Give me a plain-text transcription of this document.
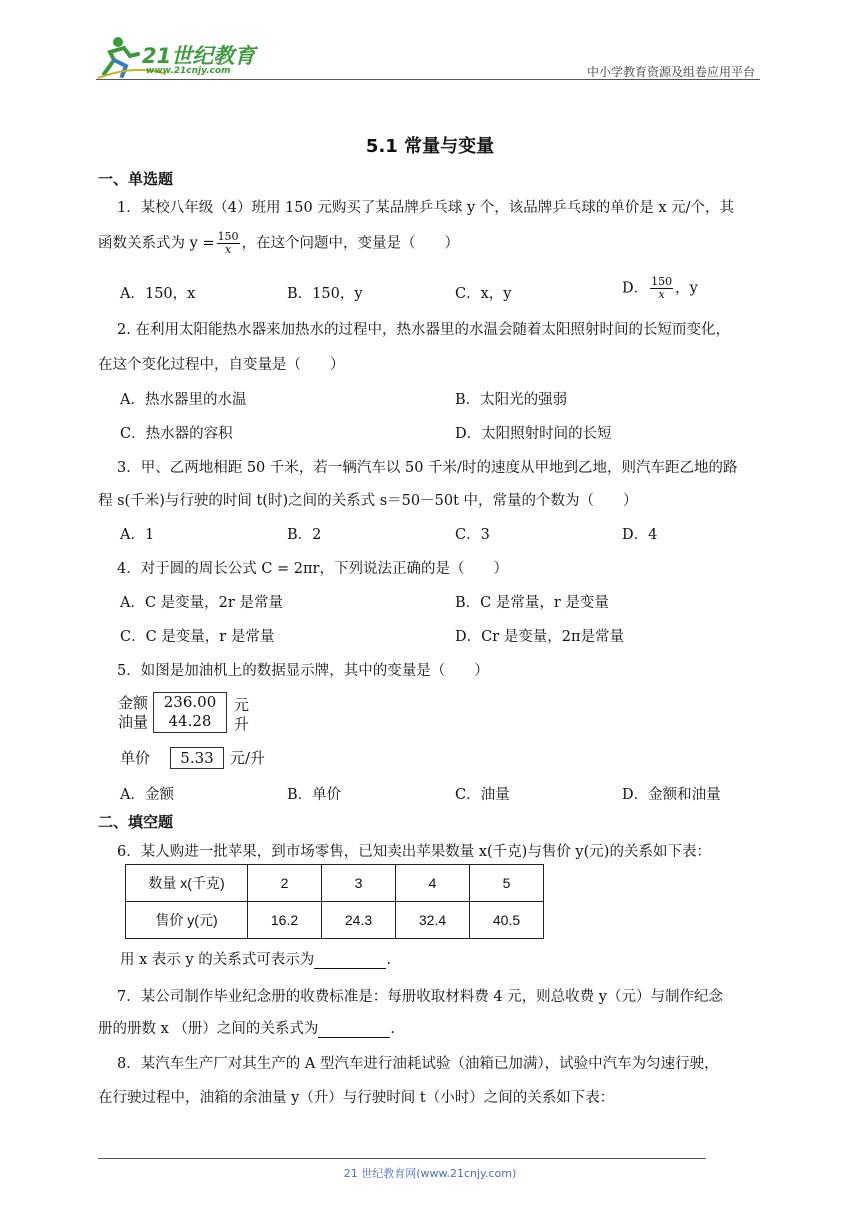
21世纪教育
www.21cnjy.com	中小学教育资源及组卷应用平台
5.1 常量与变量
一、单选题
1．某校八年级（4）班用 150 元购买了某品牌乒乓球 y 个，该品牌乒乓球的单价是 x 元/个，其
函数关系式为 $y = \frac{150}{x}$ ，在这个问题中，变量是（　　）
A．150，x	B．150，y	C．x，y	D． $\frac{150}{x}$ ，y
2. 在利用太阳能热水器来加热水的过程中，热水器里的水温会随着太阳照射时间的长短而变化，
在这个变化过程中，自变量是（　　）
A．热水器里的水温	B．太阳光的强弱
C．热水器的容积	D．太阳照射时间的长短
3．甲、乙两地相距 50 千米，若一辆汽车以 50 千米/时的速度从甲地到乙地，则汽车距乙地的路
程 s(千米)与行驶的时间 t(时)之间的关系式 s＝50－50t 中，常量的个数为（　　）
A．1	B．2	C．3	D．4
4．对于圆的周长公式 C = 2πr，下列说法正确的是（　　）
A．C 是变量，2r 是常量	B．C 是常量，r 是变量
C．C 是变量，r 是常量	D．Cr 是变量，2π是常量
5．如图是加油机上的数据显示牌，其中的变量是（　　）
金额
油量
236.00
44.28
元
升
单价	5.33	元/升
A．金额	B．单价	C．油量	D．金额和油量
二、填空题
6．某人购进一批苹果，到市场零售，已知卖出苹果数量 x(千克)与售价 y(元)的关系如下表：
数量 x(千克)	2	3	4	5
售价 y(元)	16.2	24.3	32.4	40.5
用 x 表示 y 的关系式可表示为	.
7．某公司制作毕业纪念册的收费标准是：每册收取材料费 4 元，则总收费 y（元）与制作纪念
册的册数 x （册）之间的关系式为	.
8．某汽车生产厂对其生产的 A 型汽车进行油耗试验（油箱已加满），试验中汽车为匀速行驶，
在行驶过程中，油箱的余油量 y（升）与行驶时间 t（小时）之间的关系如下表：
21 世纪教育网(www.21cnjy.com)
